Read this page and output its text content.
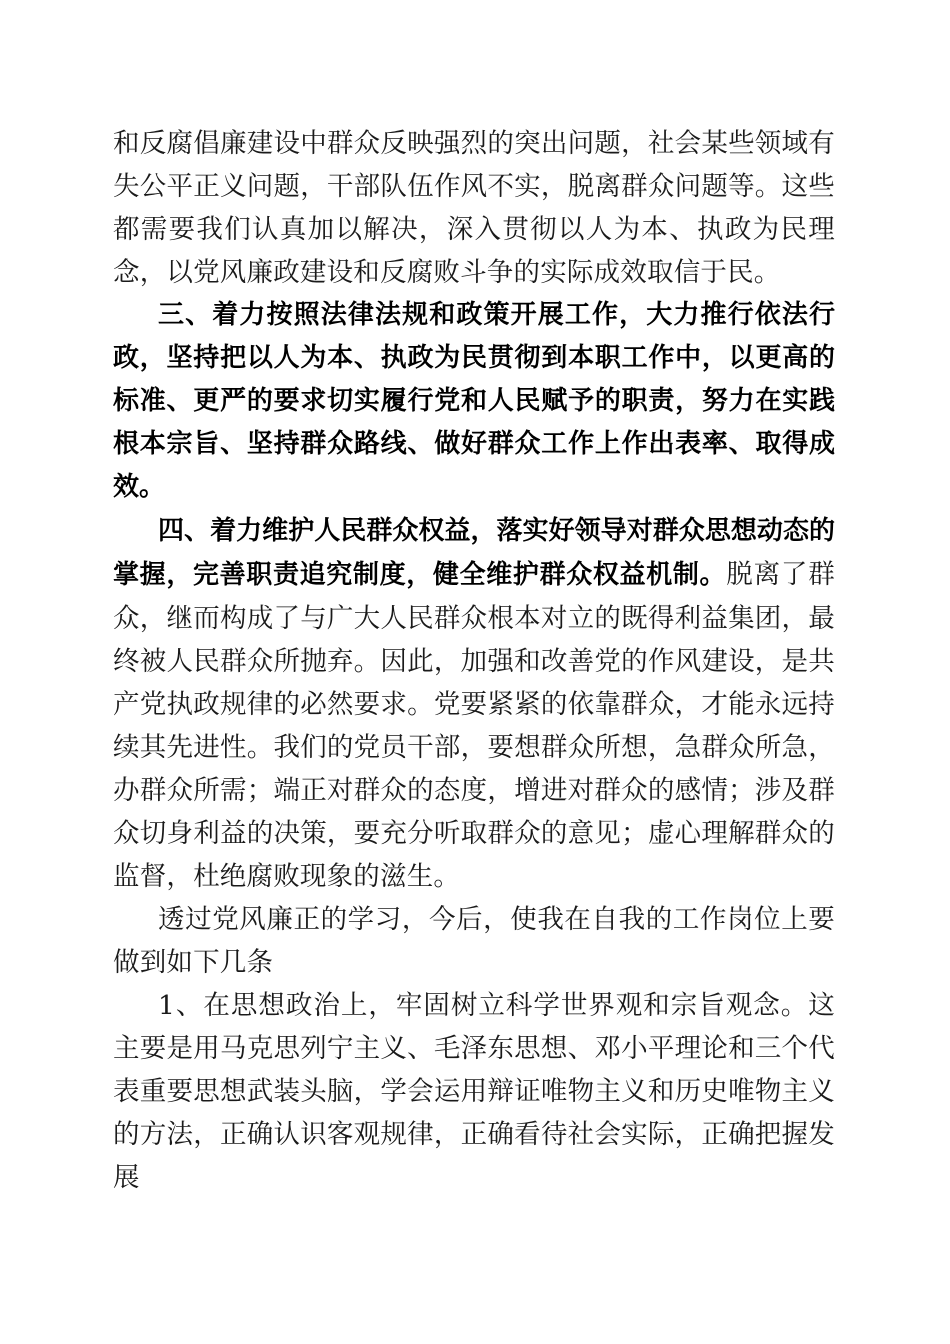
和反腐倡廉建设中群众反映强烈的突出问题，社会某些领域有失公平正义问题，干部队伍作风不实，脱离群众问题等。这些都需要我们认真加以解决，深入贯彻以人为本、执政为民理念，以党风廉政建设和反腐败斗争的实际成效取信于民。

三、着力按照法律法规和政策开展工作，大力推行依法行政，坚持把以人为本、执政为民贯彻到本职工作中，以更高的标准、更严的要求切实履行党和人民赋予的职责，努力在实践根本宗旨、坚持群众路线、做好群众工作上作出表率、取得成效。

四、着力维护人民群众权益，落实好领导对群众思想动态的掌握，完善职责追究制度，健全维护群众权益机制。脱离了群众，继而构成了与广大人民群众根本对立的既得利益集团，最终被人民群众所抛弃。因此，加强和改善党的作风建设，是共产党执政规律的必然要求。党要紧紧的依靠群众，才能永远持续其先进性。我们的党员干部，要想群众所想，急群众所急，办群众所需；端正对群众的态度，增进对群众的感情；涉及群众切身利益的决策，要充分听取群众的意见；虚心理解群众的监督，杜绝腐败现象的滋生。

透过党风廉正的学习，今后，使我在自我的工作岗位上要做到如下几条

1、在思想政治上，牢固树立科学世界观和宗旨观念。这主要是用马克思列宁主义、毛泽东思想、邓小平理论和三个代表重要思想武装头脑，学会运用辩证唯物主义和历史唯物主义的方法，正确认识客观规律，正确看待社会实际，正确把握发展
